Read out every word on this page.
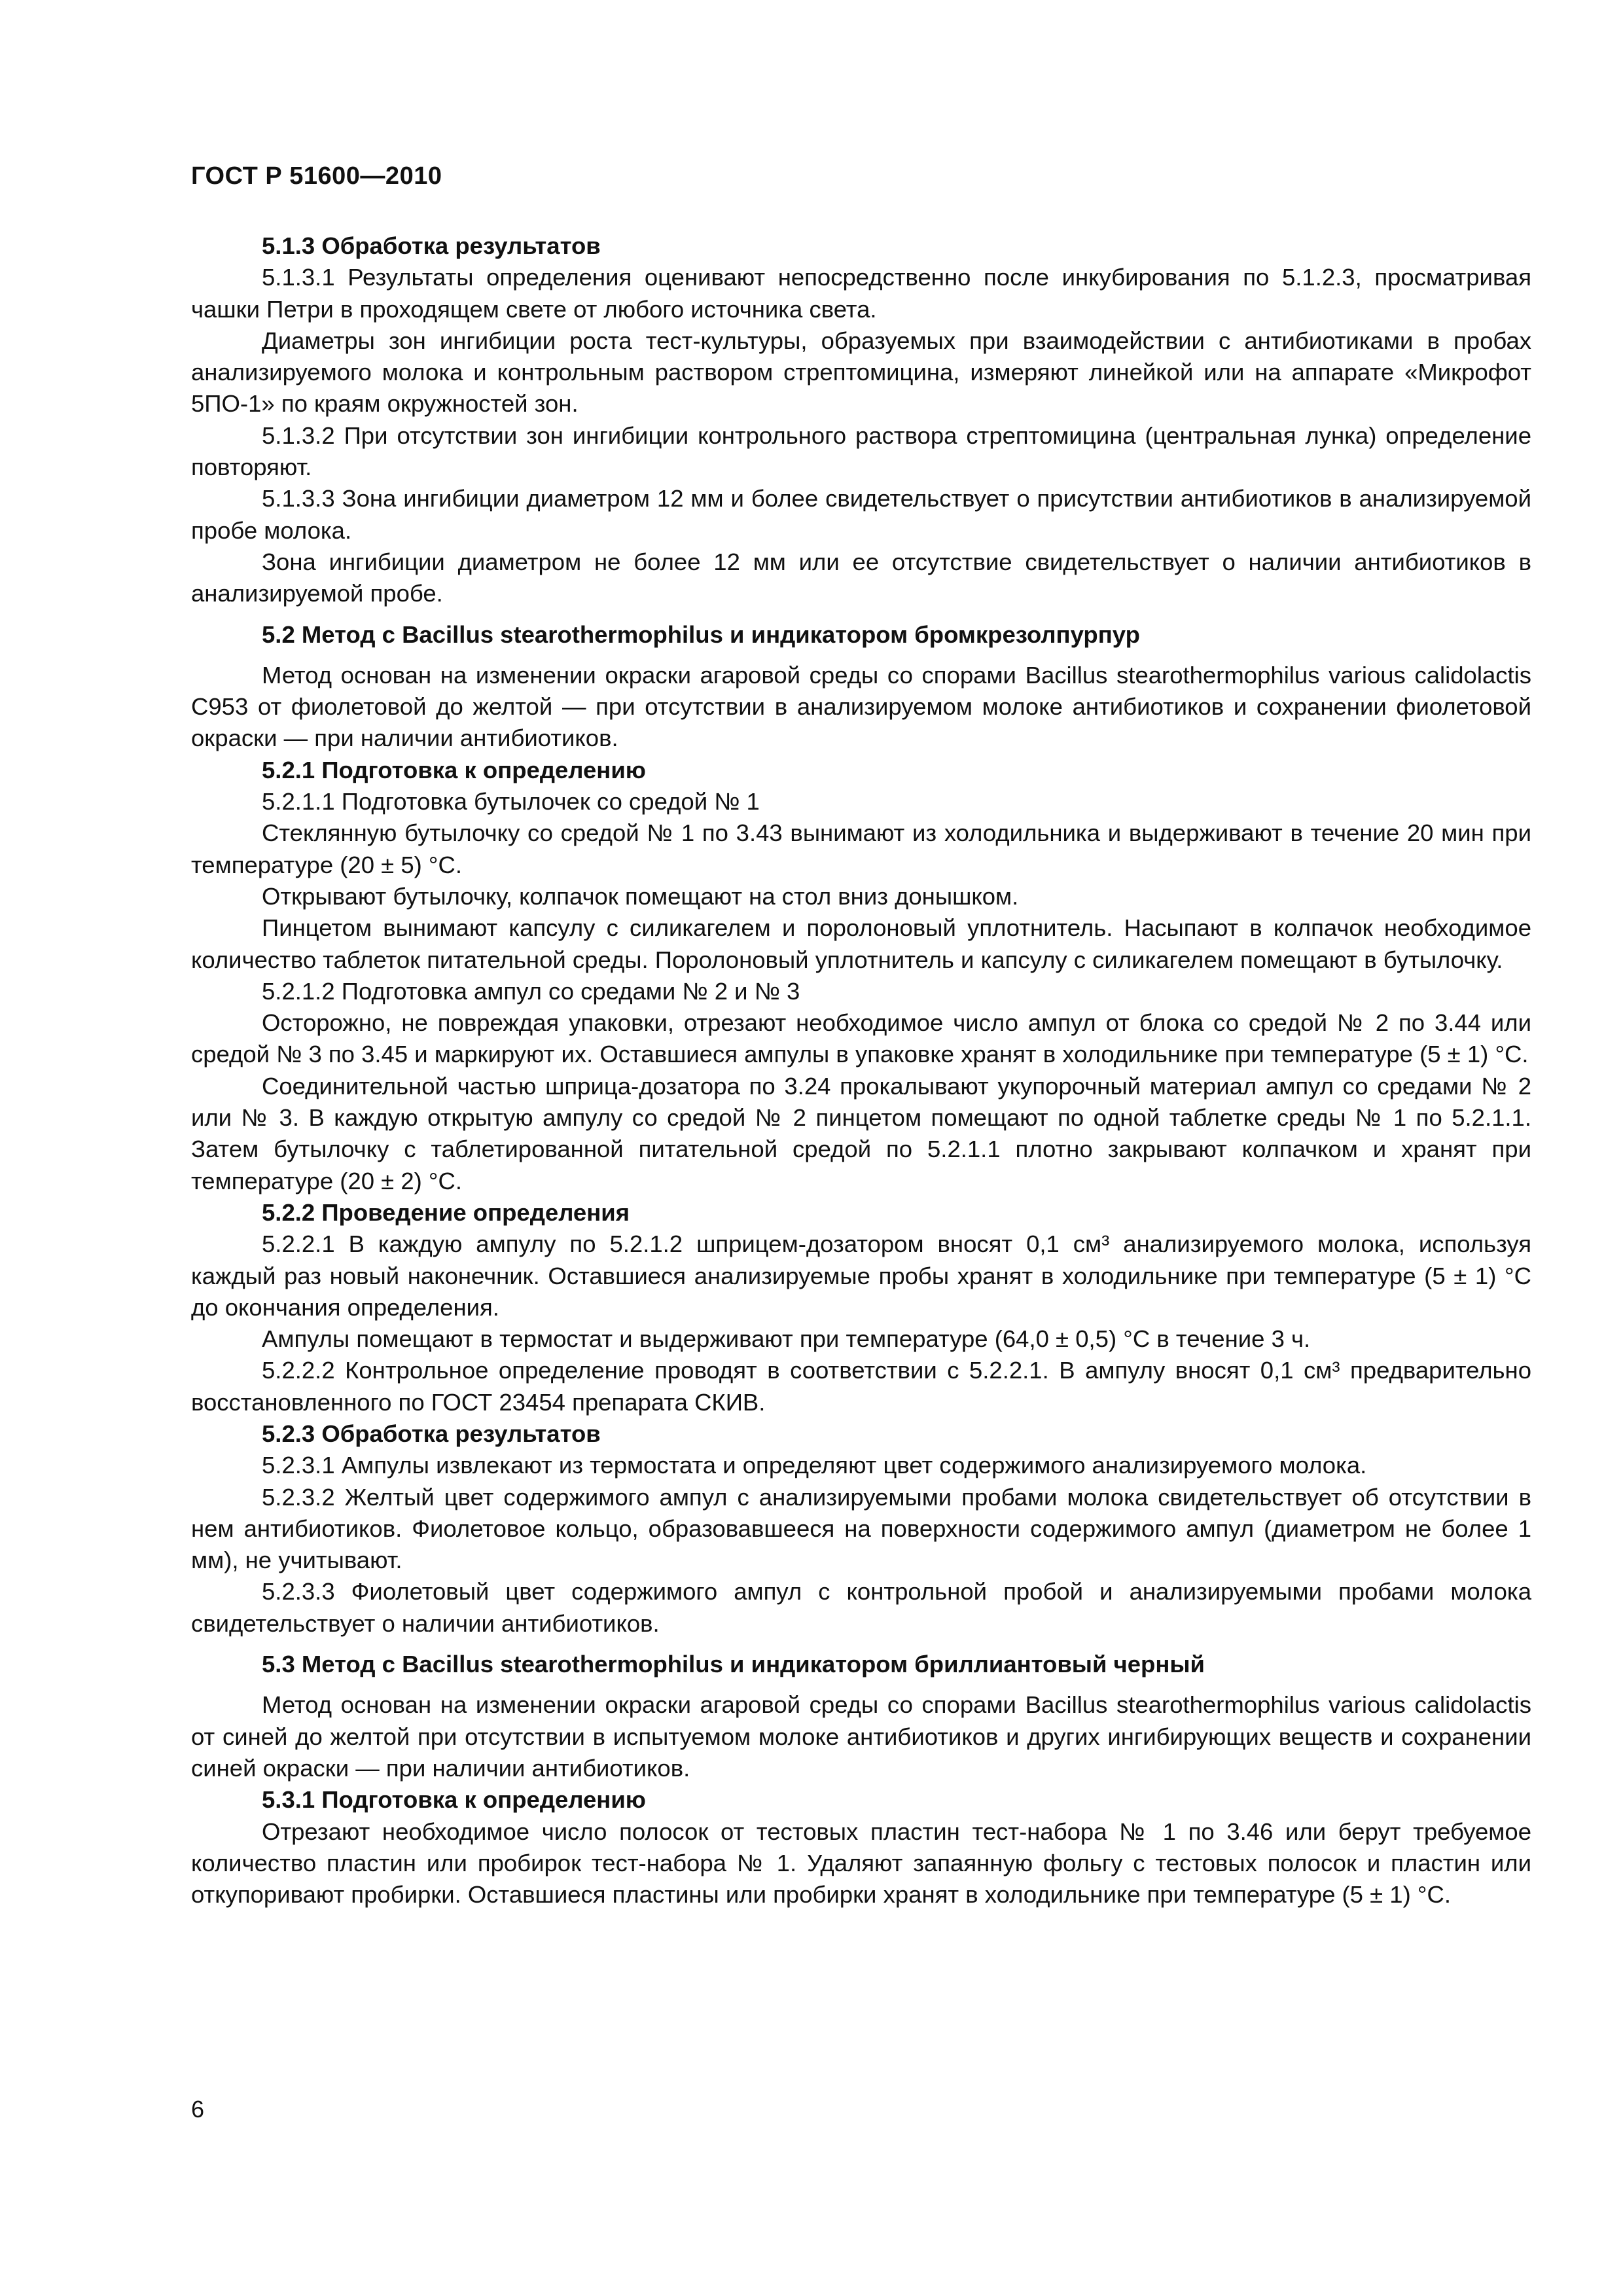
ГОСТ Р 51600—2010

5.1.3 Обработка результатов

5.1.3.1 Результаты определения оценивают непосредственно после инкубирования по 5.1.2.3, просматривая чашки Петри в проходящем свете от любого источника света.

Диаметры зон ингибиции роста тест-культуры, образуемых при взаимодействии с антибиотиками в пробах анализируемого молока и контрольным раствором стрептомицина, измеряют линейкой или на аппарате «Микрофот 5ПО-1» по краям окружностей зон.

5.1.3.2 При отсутствии зон ингибиции контрольного раствора стрептомицина (центральная лунка) определение повторяют.

5.1.3.3 Зона ингибиции диаметром 12 мм и более свидетельствует о присутствии антибиотиков в анализируемой пробе молока.

Зона ингибиции диаметром не более 12 мм или ее отсутствие свидетельствует о наличии антибиотиков в анализируемой пробе.

5.2 Метод с Bacillus stearothermophilus и индикатором бромкрезолпурпур

Метод основан на изменении окраски агаровой среды со спорами Bacillus stearothermophilus various calidolactis С953 от фиолетовой до желтой — при отсутствии в анализируемом молоке антибиотиков и сохранении фиолетовой окраски — при наличии антибиотиков.

5.2.1 Подготовка к определению

5.2.1.1 Подготовка бутылочек со средой № 1

Стеклянную бутылочку со средой № 1 по 3.43 вынимают из холодильника и выдерживают в течение 20 мин при температуре (20 ± 5) °С.

Открывают бутылочку, колпачок помещают на стол вниз донышком.

Пинцетом вынимают капсулу с силикагелем и поролоновый уплотнитель. Насыпают в колпачок необходимое количество таблеток питательной среды. Поролоновый уплотнитель и капсулу с силикагелем помещают в бутылочку.

5.2.1.2 Подготовка ампул со средами № 2 и № 3

Осторожно, не повреждая упаковки, отрезают необходимое число ампул от блока со средой № 2 по 3.44 или средой № 3 по 3.45 и маркируют их. Оставшиеся ампулы в упаковке хранят в холодильнике при температуре (5 ± 1) °С.

Соединительной частью шприца-дозатора по 3.24 прокалывают укупорочный материал ампул со средами № 2 или № 3. В каждую открытую ампулу со средой № 2 пинцетом помещают по одной таблетке среды № 1 по 5.2.1.1. Затем бутылочку с таблетированной питательной средой по 5.2.1.1 плотно закрывают колпачком и хранят при температуре (20 ± 2) °С.

5.2.2 Проведение определения

5.2.2.1 В каждую ампулу по 5.2.1.2 шприцем-дозатором вносят 0,1 см³ анализируемого молока, используя каждый раз новый наконечник. Оставшиеся анализируемые пробы хранят в холодильнике при температуре (5 ± 1) °С до окончания определения.

Ампулы помещают в термостат и выдерживают при температуре (64,0 ± 0,5) °С в течение 3 ч.

5.2.2.2 Контрольное определение проводят в соответствии с 5.2.2.1. В ампулу вносят 0,1 см³ предварительно восстановленного по ГОСТ 23454 препарата СКИВ.

5.2.3 Обработка результатов

5.2.3.1 Ампулы извлекают из термостата и определяют цвет содержимого анализируемого молока.

5.2.3.2 Желтый цвет содержимого ампул с анализируемыми пробами молока свидетельствует об отсутствии в нем антибиотиков. Фиолетовое кольцо, образовавшееся на поверхности содержимого ампул (диаметром не более 1 мм), не учитывают.

5.2.3.3 Фиолетовый цвет содержимого ампул с контрольной пробой и анализируемыми пробами молока свидетельствует о наличии антибиотиков.

5.3 Метод с Bacillus stearothermophilus и индикатором бриллиантовый черный

Метод основан на изменении окраски агаровой среды со спорами Bacillus stearothermophilus various calidolactis от синей до желтой при отсутствии в испытуемом молоке антибиотиков и других ингибирующих веществ и сохранении синей окраски — при наличии антибиотиков.

5.3.1 Подготовка к определению

Отрезают необходимое число полосок от тестовых пластин тест-набора № 1 по 3.46 или берут требуемое количество пластин или пробирок тест-набора № 1. Удаляют запаянную фольгу с тестовых полосок и пластин или откупоривают пробирки. Оставшиеся пластины или пробирки хранят в холодильнике при температуре (5 ± 1) °С.

6
